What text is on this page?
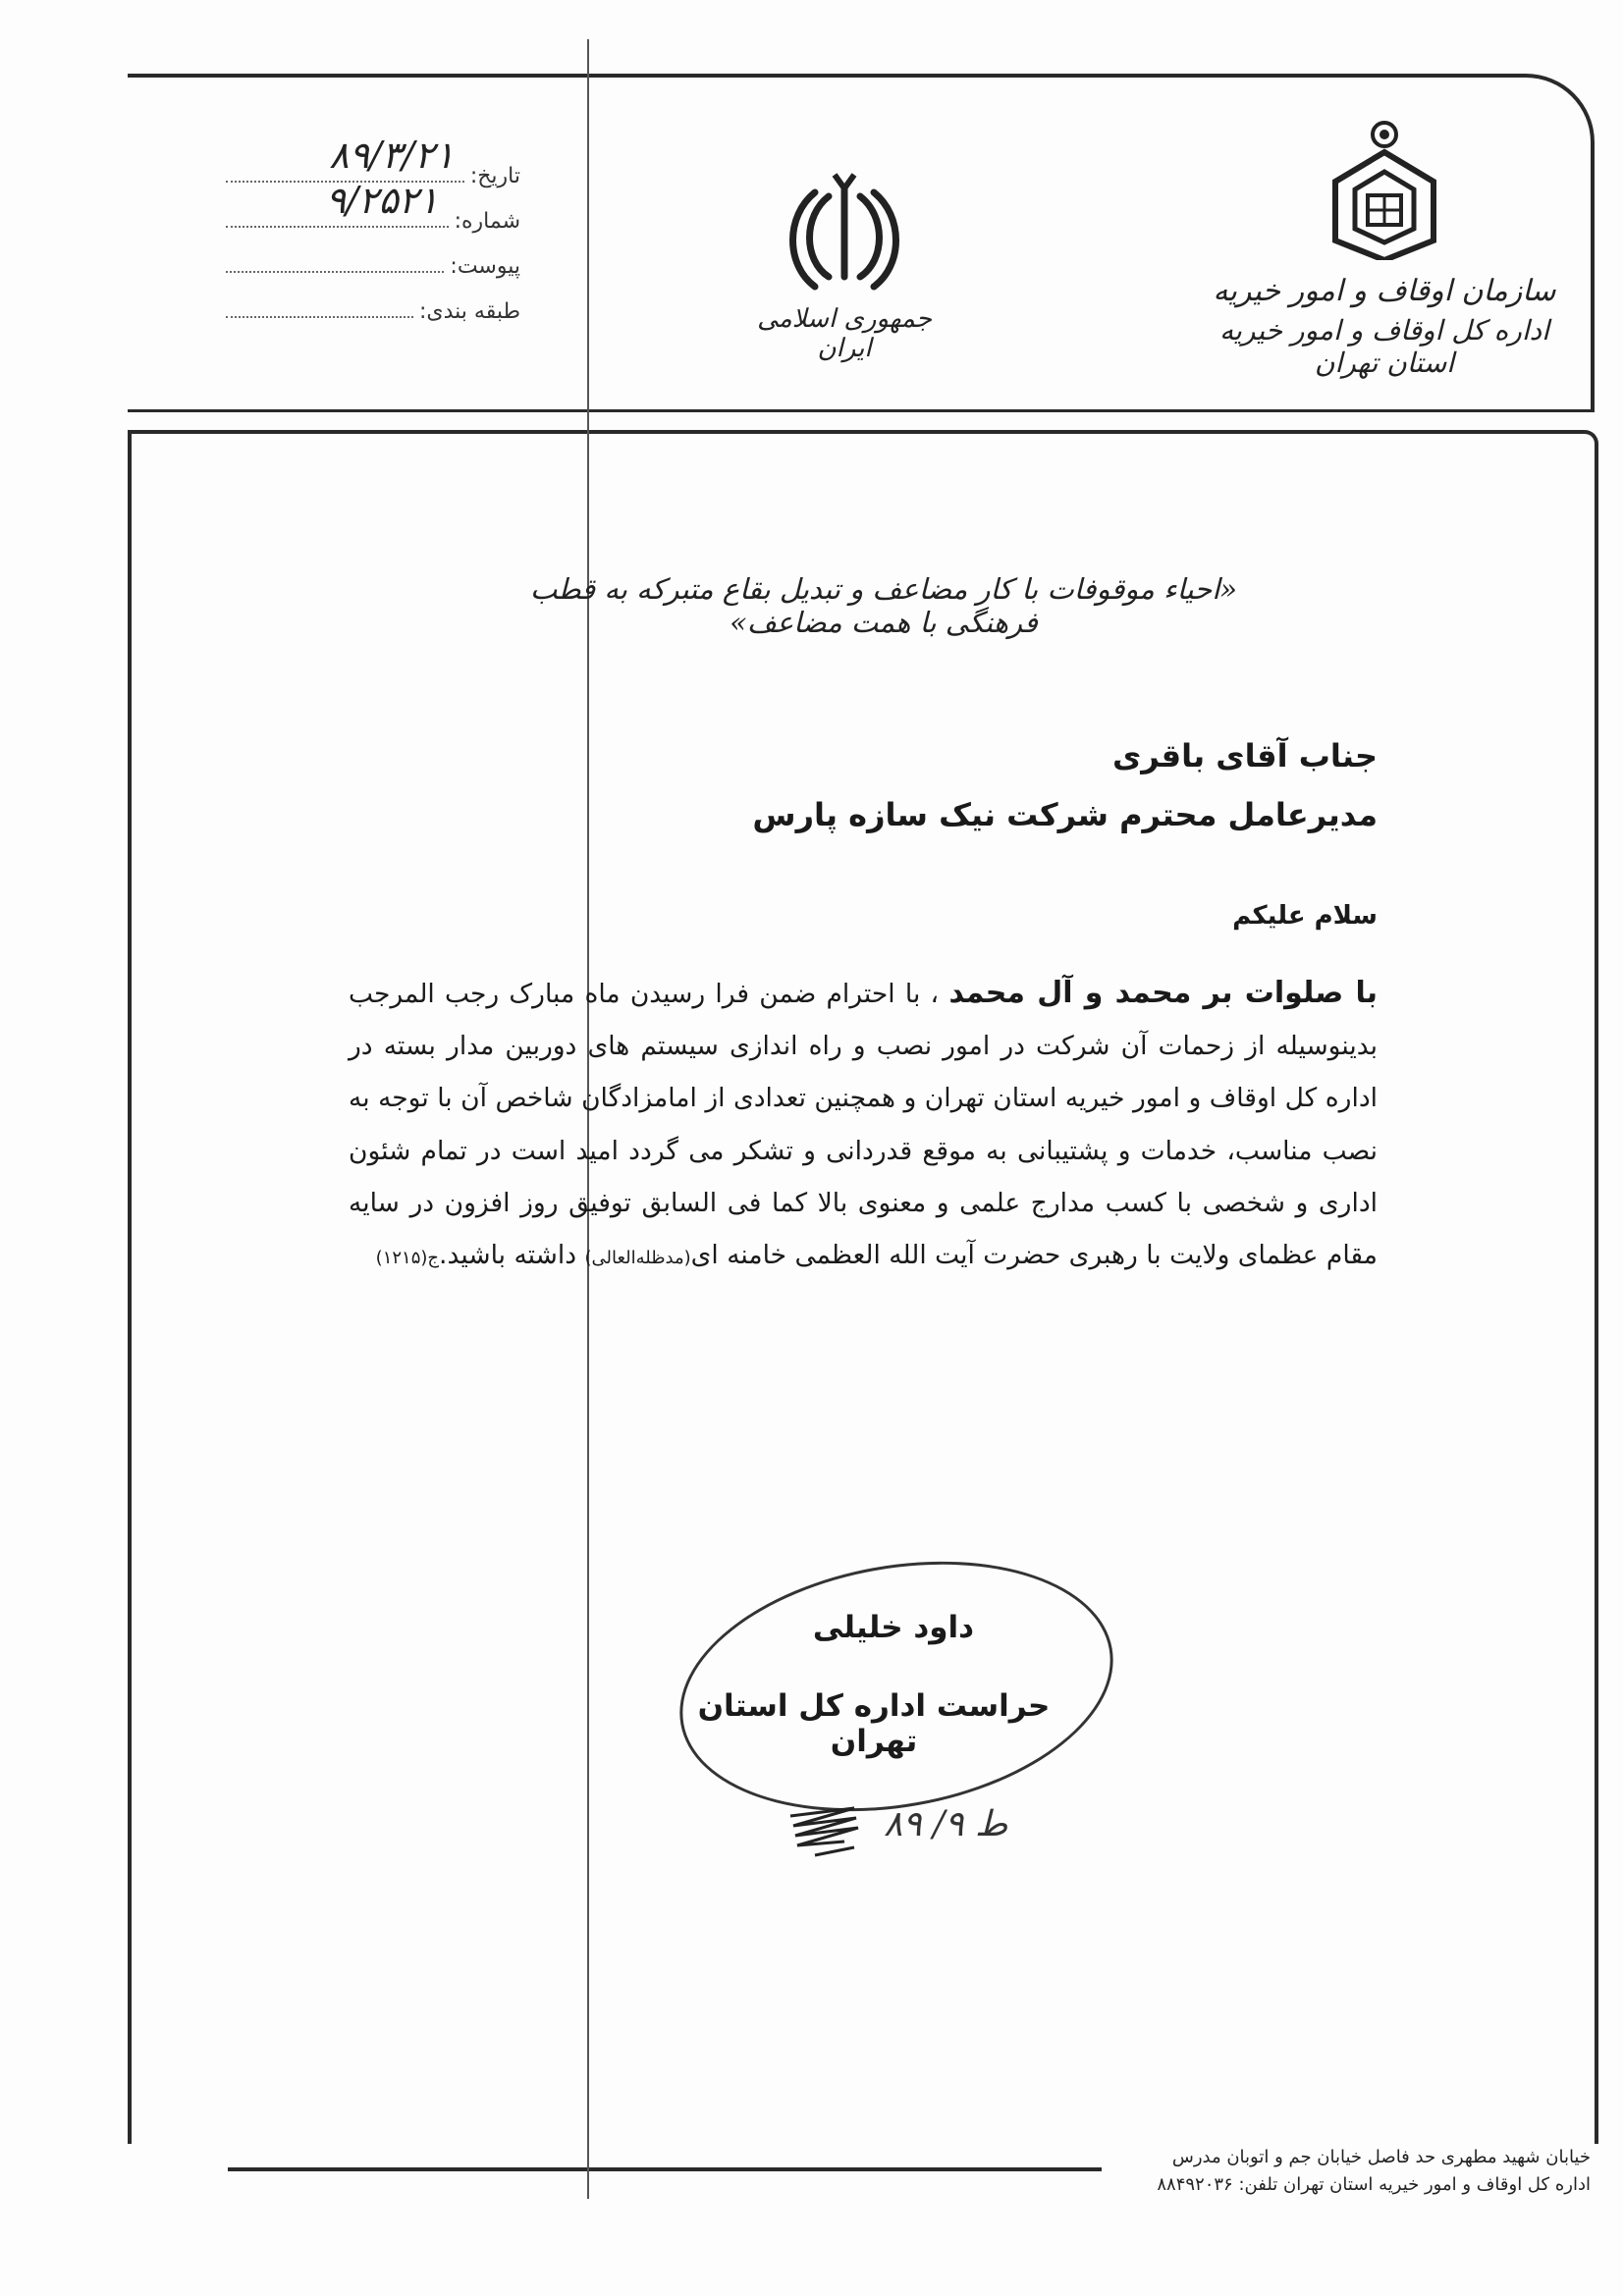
تاریخ:
۸۹/۳/۲۱
شماره:
۹/۲۵۲۱
پیوست:
طبقه بندی:	جمهوری اسلامی ایران
سازمان اوقاف و امور خیریه
اداره کل اوقاف و امور خیریه استان تهران
«احیاء موقوفات با کار مضاعف و تبدیل بقاع متبرکه به قطب فرهنگی با همت مضاعف»
جناب آقای باقری
مدیرعامل محترم شرکت نیک سازه پارس
سلام علیکم
با صلوات بر محمد و آل محمد ، با احترام ضمن فرا رسیدن ماه مبارک رجب المرجب بدینوسیله از زحمات آن شرکت در امور نصب و راه اندازی سیستم های دوربین مدار بسته در اداره کل اوقاف و امور خیریه استان تهران و همچنین تعدادی از امامزادگان شاخص آن با توجه به نصب مناسب، خدمات و پشتیبانی به موقع قدردانی و تشکر می گردد امید است در تمام شئون اداری و شخصی با کسب مدارج علمی و معنوی بالا کما فی السابق توفیق روز افزون در سایه مقام عظمای ولایت با رهبری حضرت آیت الله العظمی خامنه ای(مدظله‌العالی) داشته باشید.ج(۱۲۱۵)
داود خلیلی
حراست اداره کل استان تهران
ط ۹/ ۸۹
خیابان شهید مطهری حد فاصل خیابان جم و اتوبان مدرس
اداره کل اوقاف و امور خیریه استان تهران تلفن: ۸۸۴۹۲۰۳۶
